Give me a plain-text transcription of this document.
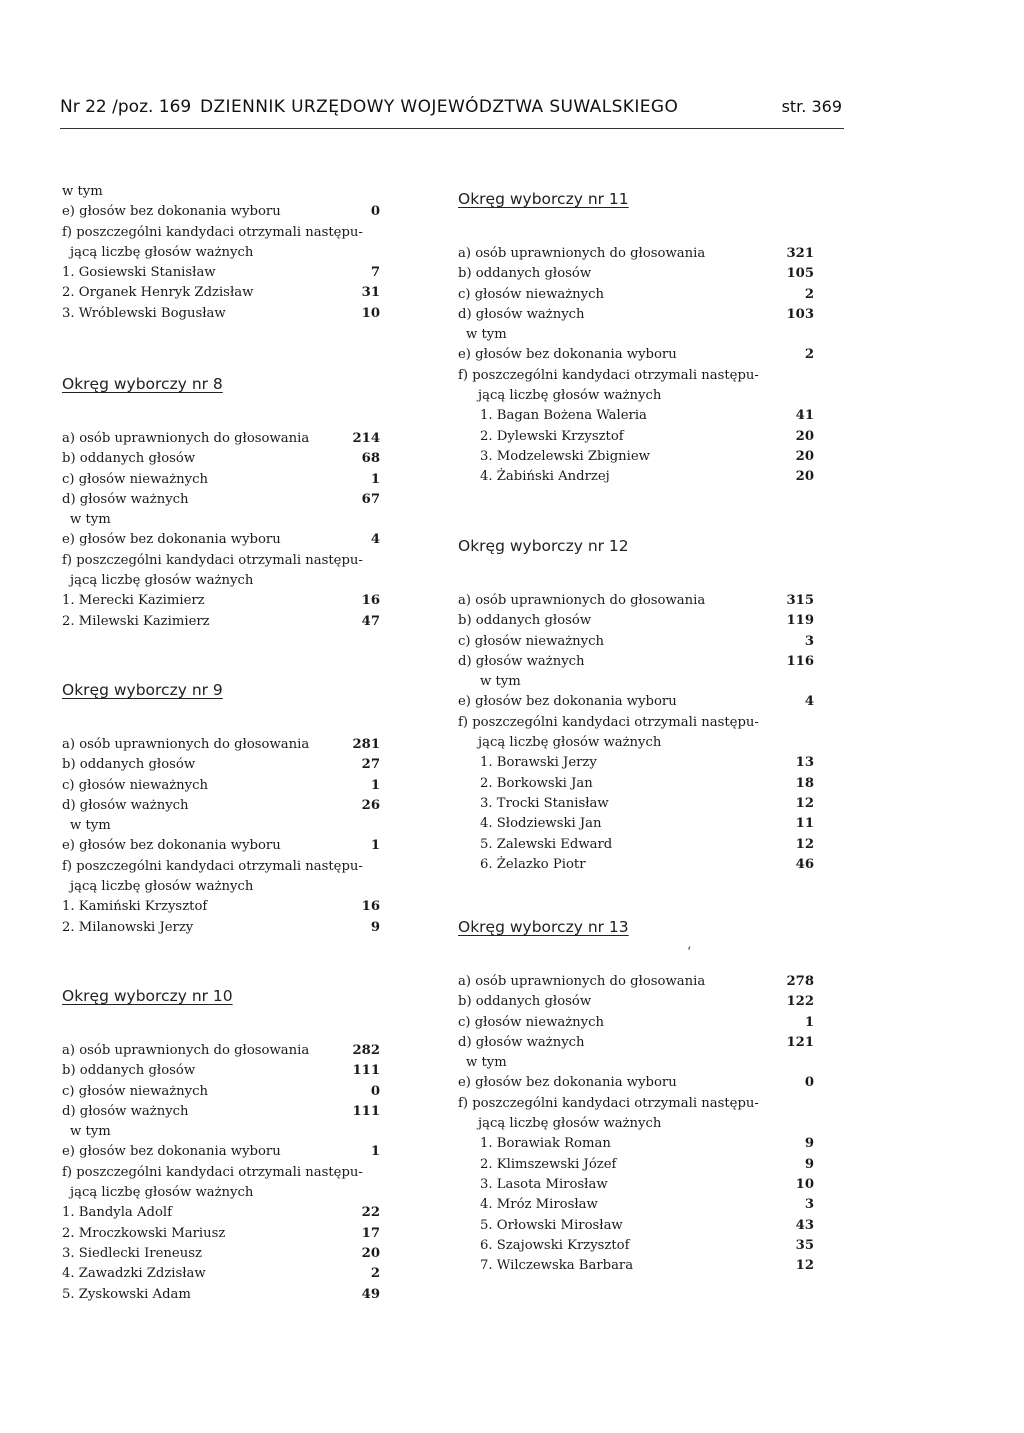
Nr 22 /poz. 169 DZIENNIK URZĘDOWY WOJEWÓDZTWA SUWALSKIEGO	str. 369
w tym
e) głosów bez dokonania wyboru	0
f) poszczególni kandydaci otrzymali następu-
jącą liczbę głosów ważnych
1. Gosiewski Stanisław	7
2. Organek Henryk Zdzisław	31
3. Wróblewski Bogusław	10
Okręg wyborczy nr 8
a) osób uprawnionych do głosowania	214
b) oddanych głosów	68
c) głosów nieważnych	1
d) głosów ważnych	67
w tym
e) głosów bez dokonania wyboru	4
f) poszczególni kandydaci otrzymali następu-
jącą liczbę głosów ważnych
1. Merecki Kazimierz	16
2. Milewski Kazimierz	47
Okręg wyborczy nr 9
a) osób uprawnionych do głosowania	281
b) oddanych głosów	27
c) głosów nieważnych	1
d) głosów ważnych	26
w tym
e) głosów bez dokonania wyboru	1
f) poszczególni kandydaci otrzymali następu-
jącą liczbę głosów ważnych
1. Kamiński Krzysztof	16
2. Milanowski Jerzy	9
Okręg wyborczy nr 10
a) osób uprawnionych do głosowania	282
b) oddanych głosów	111
c) głosów nieważnych	0
d) głosów ważnych	111
w tym
e) głosów bez dokonania wyboru	1
f) poszczególni kandydaci otrzymali następu-
jącą liczbę głosów ważnych
1. Bandyla Adolf	22
2. Mroczkowski Mariusz	17
3. Siedlecki Ireneusz	20
4. Zawadzki Zdzisław	2
5. Zyskowski Adam	49
Okręg wyborczy nr 11
a) osób uprawnionych do głosowania	321
b) oddanych głosów	105
c) głosów nieważnych	2
d) głosów ważnych	103
w tym
e) głosów bez dokonania wyboru	2
f) poszczególni kandydaci otrzymali następu-
jącą liczbę głosów ważnych
1. Bagan Bożena Waleria	41
2. Dylewski Krzysztof	20
3. Modzelewski Zbigniew	20
4. Żabiński Andrzej	20
Okręg wyborczy nr 12
a) osób uprawnionych do głosowania	315
b) oddanych głosów	119
c) głosów nieważnych	3
d) głosów ważnych	116
w tym
e) głosów bez dokonania wyboru	4
f) poszczególni kandydaci otrzymali następu-
jącą liczbę głosów ważnych
1. Borawski Jerzy	13
2. Borkowski Jan	18
3. Trocki Stanisław	12
4. Słodziewski Jan	11
5. Zalewski Edward	12
6. Żelazko Piotr	46
Okręg wyborczy nr 13
a) osób uprawnionych do głosowania	278
b) oddanych głosów	122
c) głosów nieważnych	1
d) głosów ważnych	121
w tym
e) głosów bez dokonania wyboru	0
f) poszczególni kandydaci otrzymali następu-
jącą liczbę głosów ważnych
1. Borawiak Roman	9
2. Klimszewski Józef	9
3. Lasota Mirosław	10
4. Mróz Mirosław	3
5. Orłowski Mirosław	43
6. Szajowski Krzysztof	35
7. Wilczewska Barbara	12
ʻ
